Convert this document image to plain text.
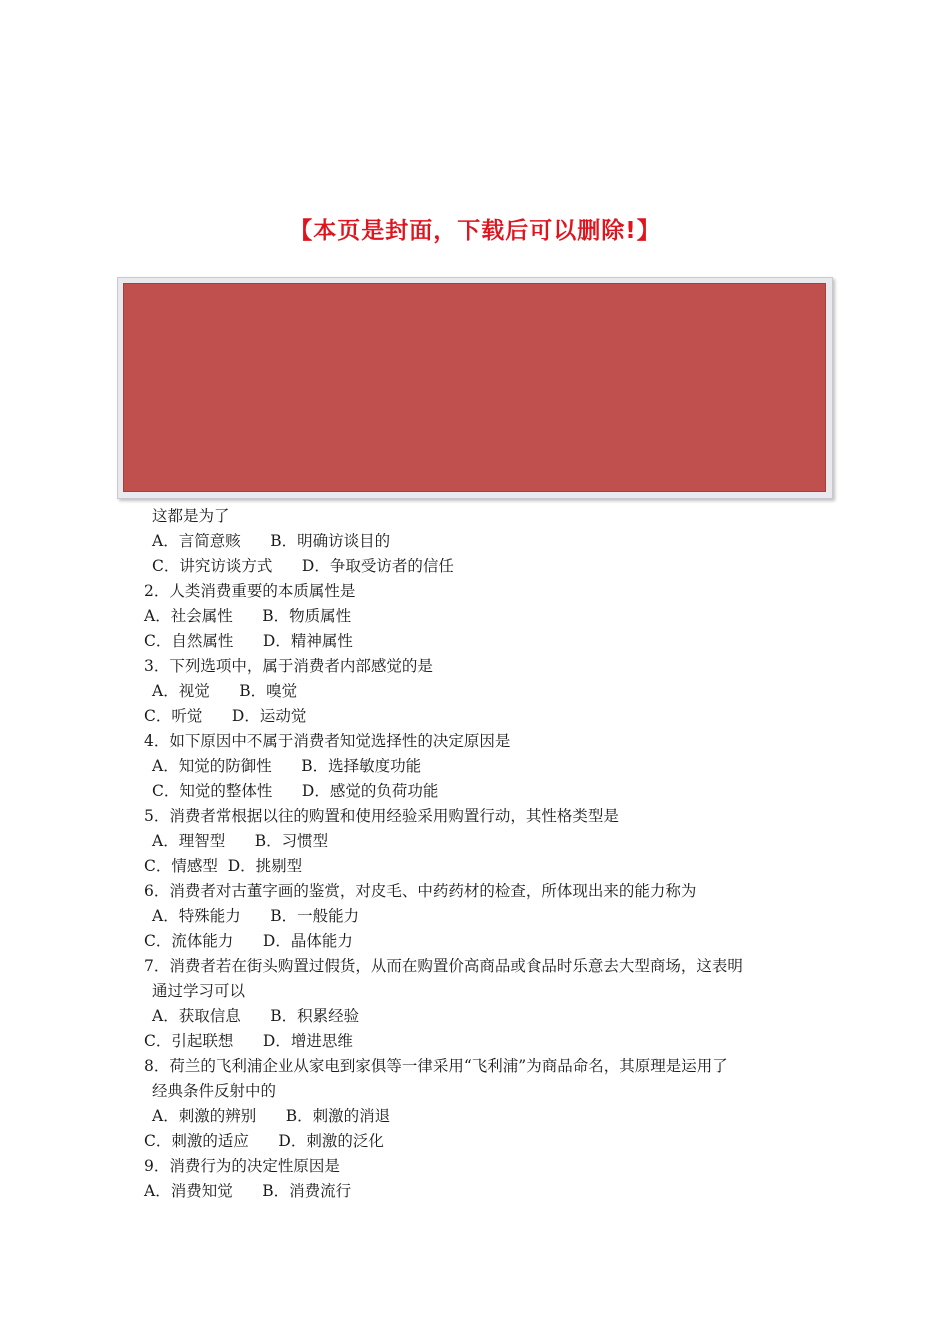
【本页是封面，下载后可以删除!】
这都是为了
A．言简意赅      B．明确访谈目的
C．讲究访谈方式      D．争取受访者的信任
2．人类消费重要的本质属性是
A．社会属性      B．物质属性
C．自然属性      D．精神属性
3．下列选项中，属于消费者内部感觉的是
A．视觉      B．嗅觉
C．听觉      D．运动觉
4．如下原因中不属于消费者知觉选择性的决定原因是
A．知觉的防御性      B．选择敏度功能
C．知觉的整体性      D．感觉的负荷功能
5．消费者常根据以往的购置和使用经验采用购置行动，其性格类型是
A．理智型      B．习惯型
C．情感型  D．挑剔型
6．消费者对古董字画的鉴赏，对皮毛、中药药材的检查，所体现出来的能力称为
A．特殊能力      B．一般能力
C．流体能力      D．晶体能力
7．消费者若在街头购置过假货，从而在购置价高商品或食品时乐意去大型商场，这表明
通过学习可以
A．获取信息      B．积累经验
C．引起联想      D．增进思维
8．荷兰的飞利浦企业从家电到家俱等一律采用“飞利浦”为商品命名，其原理是运用了
经典条件反射中的
A．刺激的辨别      B．刺激的消退
C．刺激的适应      D．刺激的泛化
9．消费行为的决定性原因是
A．消费知觉      B．消费流行
